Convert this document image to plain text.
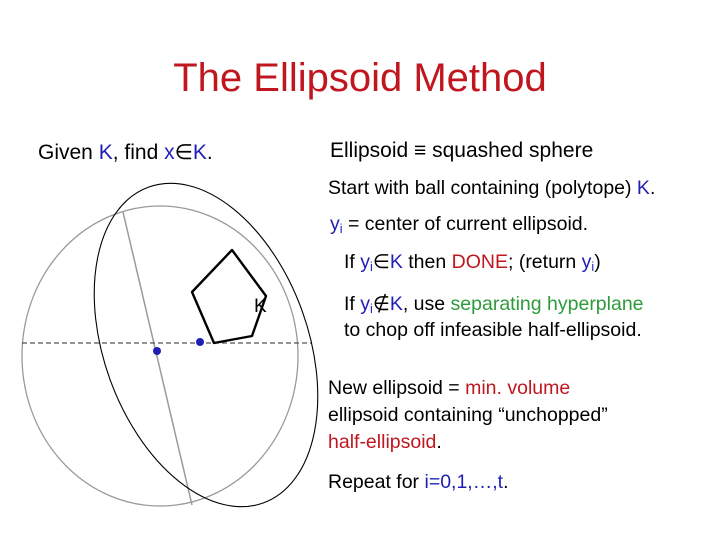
The Ellipsoid Method
Given K, find x∈K.	Ellipsoid ≡ squashed sphere
Start with ball containing (polytope) K.
$y_i$ = center of current ellipsoid.
If $y_i\in K$ then DONE; (return $y_i$)
If $y_i\notin K$, use separating hyperplane
to chop off infeasible half-ellipsoid.
New ellipsoid = min. volume
ellipsoid containing “unchopped”
half-ellipsoid.
Repeat for i=0,1,…,t.
K
